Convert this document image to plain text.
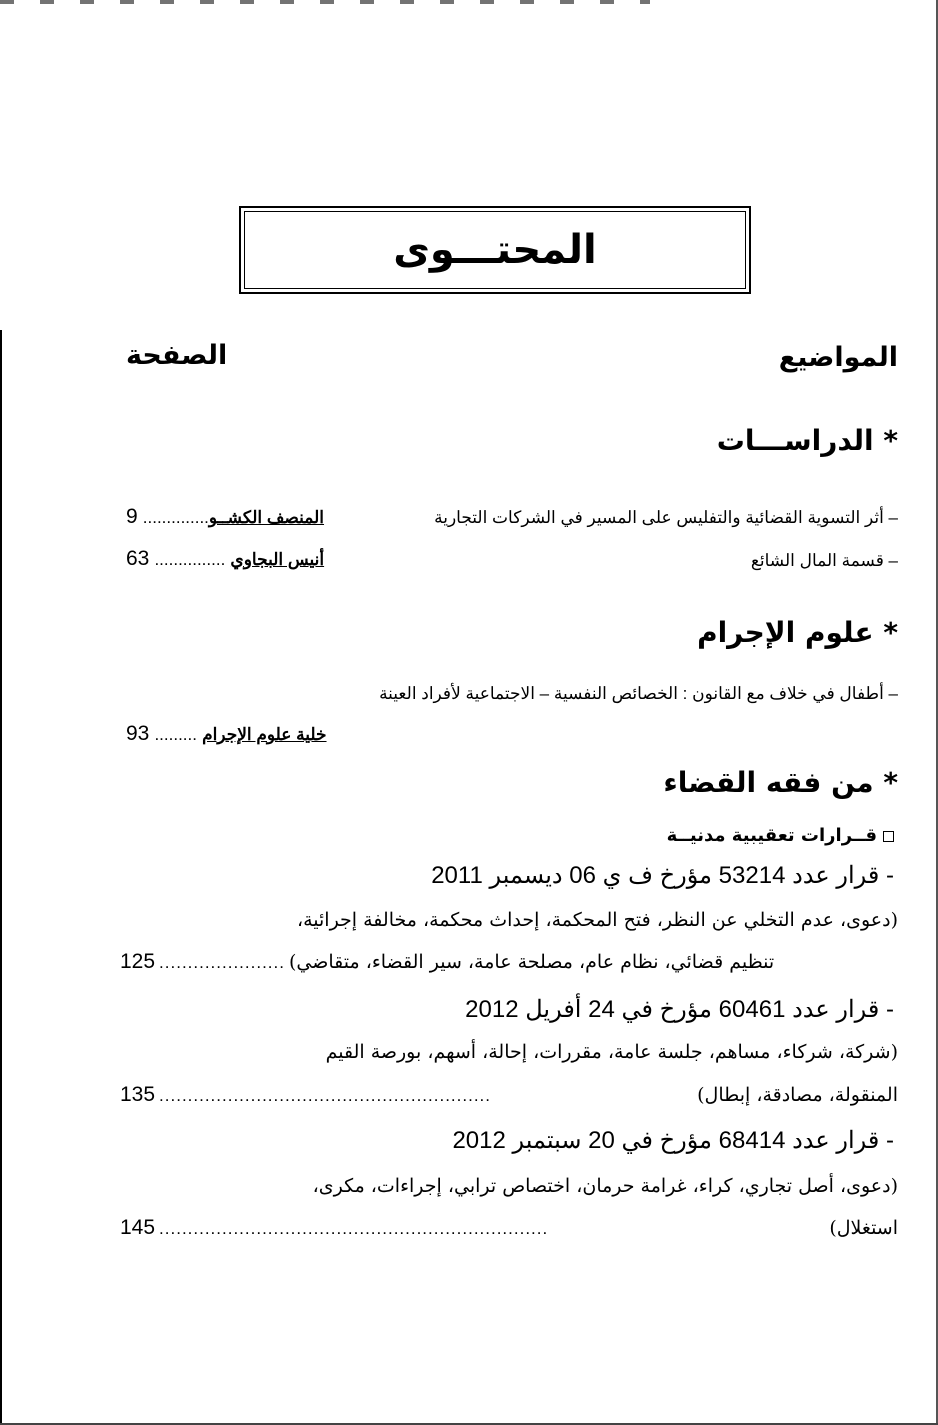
المحتـــوى
المواضيع
الصفحة
* الدراســـات
– أثر التسوية القضائية والتفليس على المسير في الشركات التجارية
9 ..............المنصف الكشــو
– قسمة المال الشائع
63 ............... أنيس البجاوي
* علوم الإجرام
– أطفال في خلاف مع القانون : الخصائص النفسية – الاجتماعية لأفراد العينة
93 ......... خلية علوم الإجرام
* من فقه القضاء
قــرارات تعقيبية مدنيــة
- قرار عدد 53214 مؤرخ ف ي 06 ديسمبر 2011
(دعوى، عدم التخلي عن النظر، فتح المحكمة، إحداث محكمة، مخالفة إجرائية،
125 ...................... تنظيم قضائي، نظام عام، مصلحة عامة، سير القضاء، متقاضي)
- قرار عدد 60461 مؤرخ في 24 أفريل 2012
(شركة، شركاء، مساهم، جلسة عامة، مقررات، إحالة، أسهم، بورصة القيم
135 ..........................................................	المنقولة، مصادقة، إبطال)
- قرار عدد 68414 مؤرخ في 20 سبتمبر 2012
(دعوى، أصل تجاري، كراء، غرامة حرمان، اختصاص ترابي، إجراءات، مكرى،
145 ....................................................................	استغلال)
